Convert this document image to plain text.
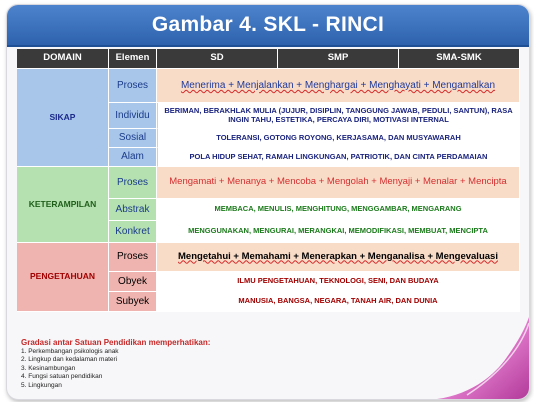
Gambar 4. SKL - RINCI
DOMAIN	Elemen	SD	SMP	SMA-SMK
SIKAP
Proses	Menerima + Menjalankan + Menghargai + Menghayati + Mengamalkan
Individu	BERIMAN, BERAKHLAK MULIA (JUJUR, DISIPLIN, TANGGUNG JAWAB, PEDULI, SANTUN), RASA INGIN TAHU, ESTETIKA, PERCAYA DIRI, MOTIVASI INTERNAL
Sosial	TOLERANSI, GOTONG ROYONG, KERJASAMA, DAN MUSYAWARAH
Alam	POLA HIDUP SEHAT, RAMAH LINGKUNGAN, PATRIOTIK, DAN CINTA PERDAMAIAN
KETERAMPILAN
Proses	Mengamati + Menanya + Mencoba + Mengolah + Menyaji + Menalar + Mencipta
Abstrak	MEMBACA, MENULIS, MENGHITUNG, MENGGAMBAR, MENGARANG
Konkret	MENGGUNAKAN, MENGURAI, MERANGKAI, MEMODIFIKASI, MEMBUAT, MENCIPTA
PENGETAHUAN
Proses	Mengetahui + Memahami + Menerapkan + Menganalisa + Mengevaluasi
Obyek	ILMU PENGETAHUAN, TEKNOLOGI, SENI, DAN BUDAYA
Subyek	MANUSIA, BANGSA, NEGARA, TANAH AIR, DAN DUNIA
Gradasi antar Satuan Pendidikan memperhatikan:
1. Perkembangan psikologis anak
2. Lingkup dan kedalaman materi
3. Kesinambungan
4. Fungsi satuan pendidikan
5. Lingkungan
